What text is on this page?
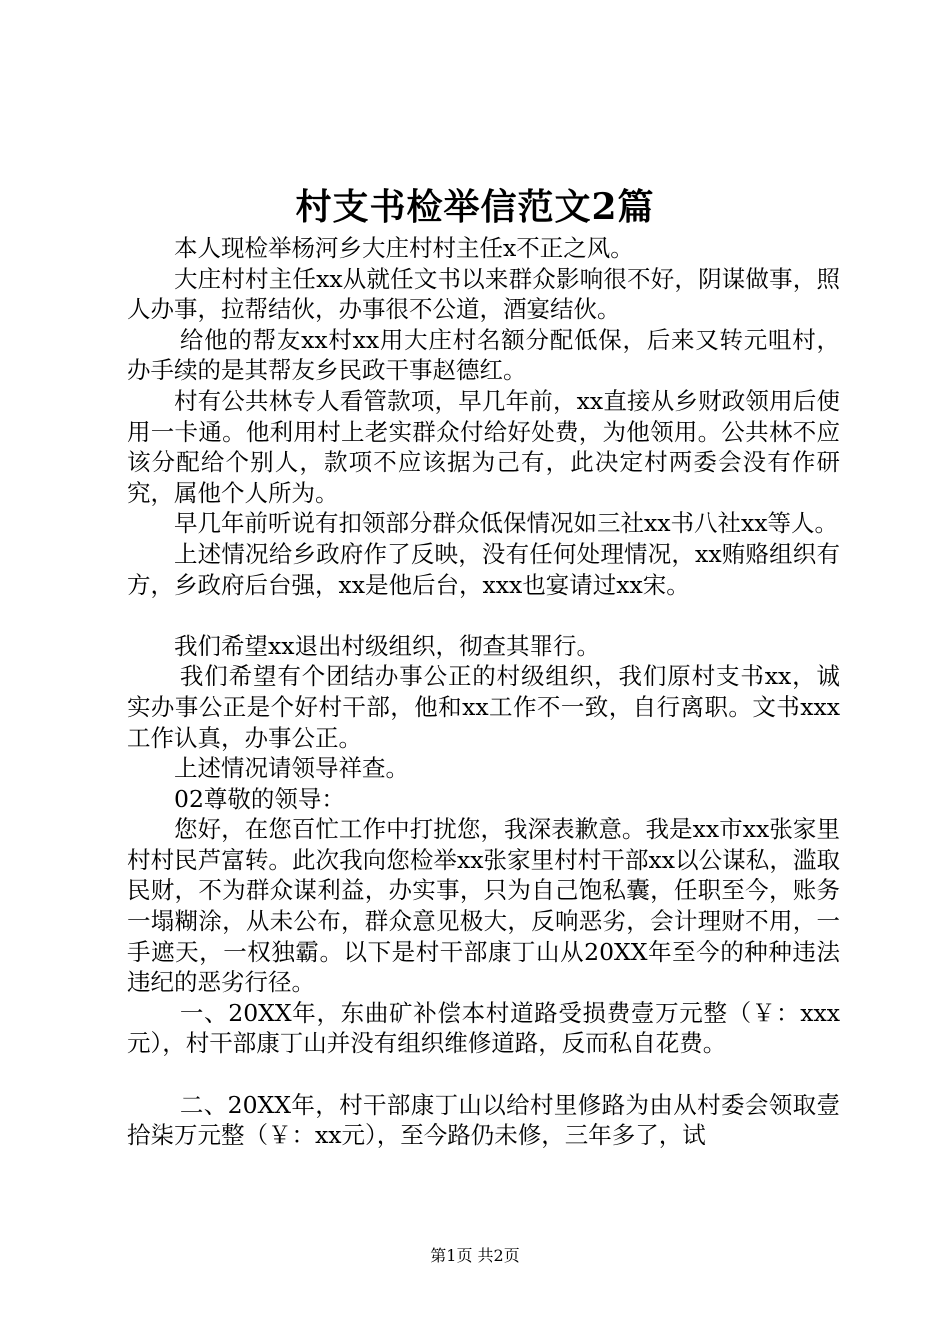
村支书检举信范文2篇

本人现检举杨河乡大庄村村主任x不正之风。

大庄村村主任xx从就任文书以来群众影响很不好，阴谋做事，照人办事，拉帮结伙，办事很不公道，酒宴结伙。

给他的帮友xx村xx用大庄村名额分配低保，后来又转元咀村，办手续的是其帮友乡民政干事赵德红。

村有公共林专人看管款项，早几年前，xx直接从乡财政领用后使用一卡通。他利用村上老实群众付给好处费，为他领用。公共林不应该分配给个别人，款项不应该据为己有，此决定村两委会没有作研究，属他个人所为。

早几年前听说有扣领部分群众低保情况如三社xx书八社xx等人。

上述情况给乡政府作了反映，没有任何处理情况，xx贿赂组织有方，乡政府后台强，xx是他后台，xxx也宴请过xx宋。

我们希望xx退出村级组织，彻查其罪行。

我们希望有个团结办事公正的村级组织，我们原村支书xx，诚实办事公正是个好村干部，他和xx工作不一致，自行离职。文书xxx工作认真，办事公正。

上述情况请领导祥查。

02尊敬的领导：

您好，在您百忙工作中打扰您，我深表歉意。我是xx市xx张家里村村民芦富转。此次我向您检举xx张家里村村干部xx以公谋私，滥取民财，不为群众谋利益，办实事，只为自己饱私囊，任职至今，账务一塌糊涂，从未公布，群众意见极大，反响恶劣，会计理财不用，一手遮天，一权独霸。以下是村干部康丁山从20XX年至今的种种违法违纪的恶劣行径。

一、20XX年，东曲矿补偿本村道路受损费壹万元整（￥：xxx元），村干部康丁山并没有组织维修道路，反而私自花费。

二、20XX年，村干部康丁山以给村里修路为由从村委会领取壹拾柒万元整（￥：xx元），至今路仍未修，三年多了，试

第1页 共2页
